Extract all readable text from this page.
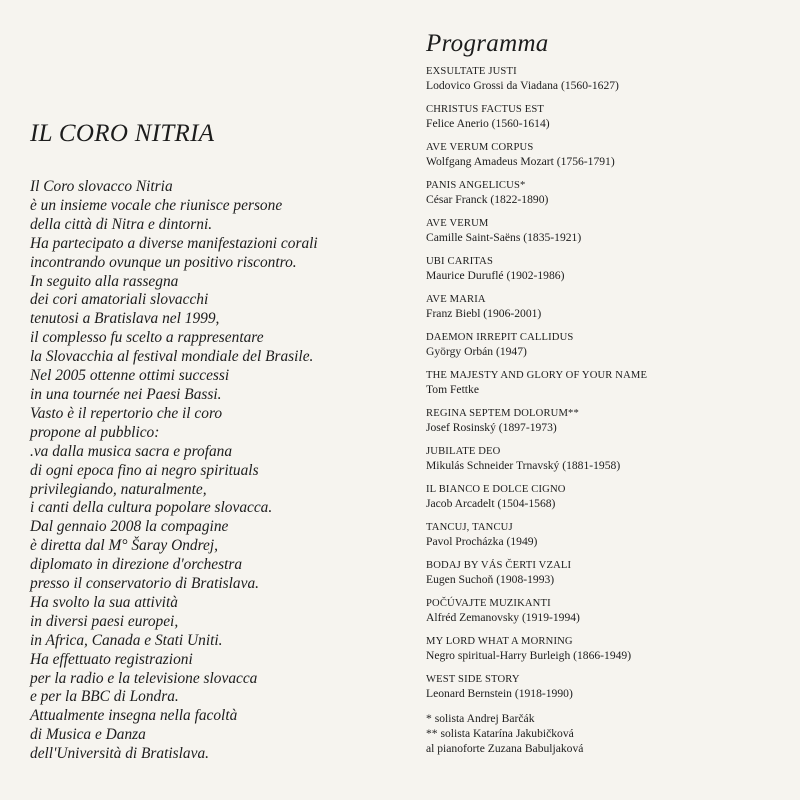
IL CORO NITRIA
Il Coro slovacco Nitria
è un insieme vocale che riunisce persone
della città di Nitra e dintorni.
Ha partecipato a diverse manifestazioni corali
incontrando ovunque un positivo riscontro.
In seguito alla rassegna
dei cori amatoriali slovacchi
tenutosi a Bratislava nel 1999,
il complesso fu scelto a rappresentare
la Slovacchia al festival mondiale del Brasile.
Nel 2005 ottenne ottimi successi
in una tournée nei Paesi Bassi.
Vasto è il repertorio che il coro
propone al pubblico:
.va dalla musica sacra e profana
di ogni epoca fino ai negro spirituals
privilegiando, naturalmente,
i canti della cultura popolare slovacca.
Dal gennaio 2008 la compagine
è diretta dal M° Šaray Ondrej,
diplomato in direzione d'orchestra
presso il conservatorio di Bratislava.
Ha svolto la sua attività
in diversi paesi europei,
in Africa, Canada e Stati Uniti.
Ha effettuato registrazioni
per la radio e la televisione slovacca
e per la BBC di Londra.
Attualmente insegna nella facoltà
di Musica e Danza
dell'Università di Bratislava.
Programma
EXSULTATE JUSTI
Lodovico Grossi da Viadana (1560-1627)
CHRISTUS FACTUS EST
Felice Anerio (1560-1614)
AVE VERUM CORPUS
Wolfgang Amadeus Mozart (1756-1791)
PANIS ANGELICUS*
César Franck (1822-1890)
AVE VERUM
Camille Saint-Saëns (1835-1921)
UBI CARITAS
Maurice Duruflé (1902-1986)
AVE MARIA
Franz Biebl (1906-2001)
DAEMON IRREPIT CALLIDUS
György Orbán (1947)
THE MAJESTY AND GLORY OF YOUR NAME
Tom Fettke
REGINA SEPTEM DOLORUM**
Josef Rosinský (1897-1973)
JUBILATE DEO
Mikulás Schneider Trnavský (1881-1958)
IL BIANCO E DOLCE CIGNO
Jacob Arcadelt (1504-1568)
TANCUJ, TANCUJ
Pavol Procházka (1949)
BODAJ BY VÁS ČERTI VZALI
Eugen Suchoň (1908-1993)
POČÚVAJTE MUZIKANTI
Alfréd Zemanovsky (1919-1994)
MY LORD WHAT A MORNING
Negro spiritual-Harry Burleigh (1866-1949)
WEST SIDE STORY
Leonard Bernstein (1918-1990)
* solista Andrej Barčák
** solista Katarína Jakubičková
al pianoforte Zuzana Babuljaková
